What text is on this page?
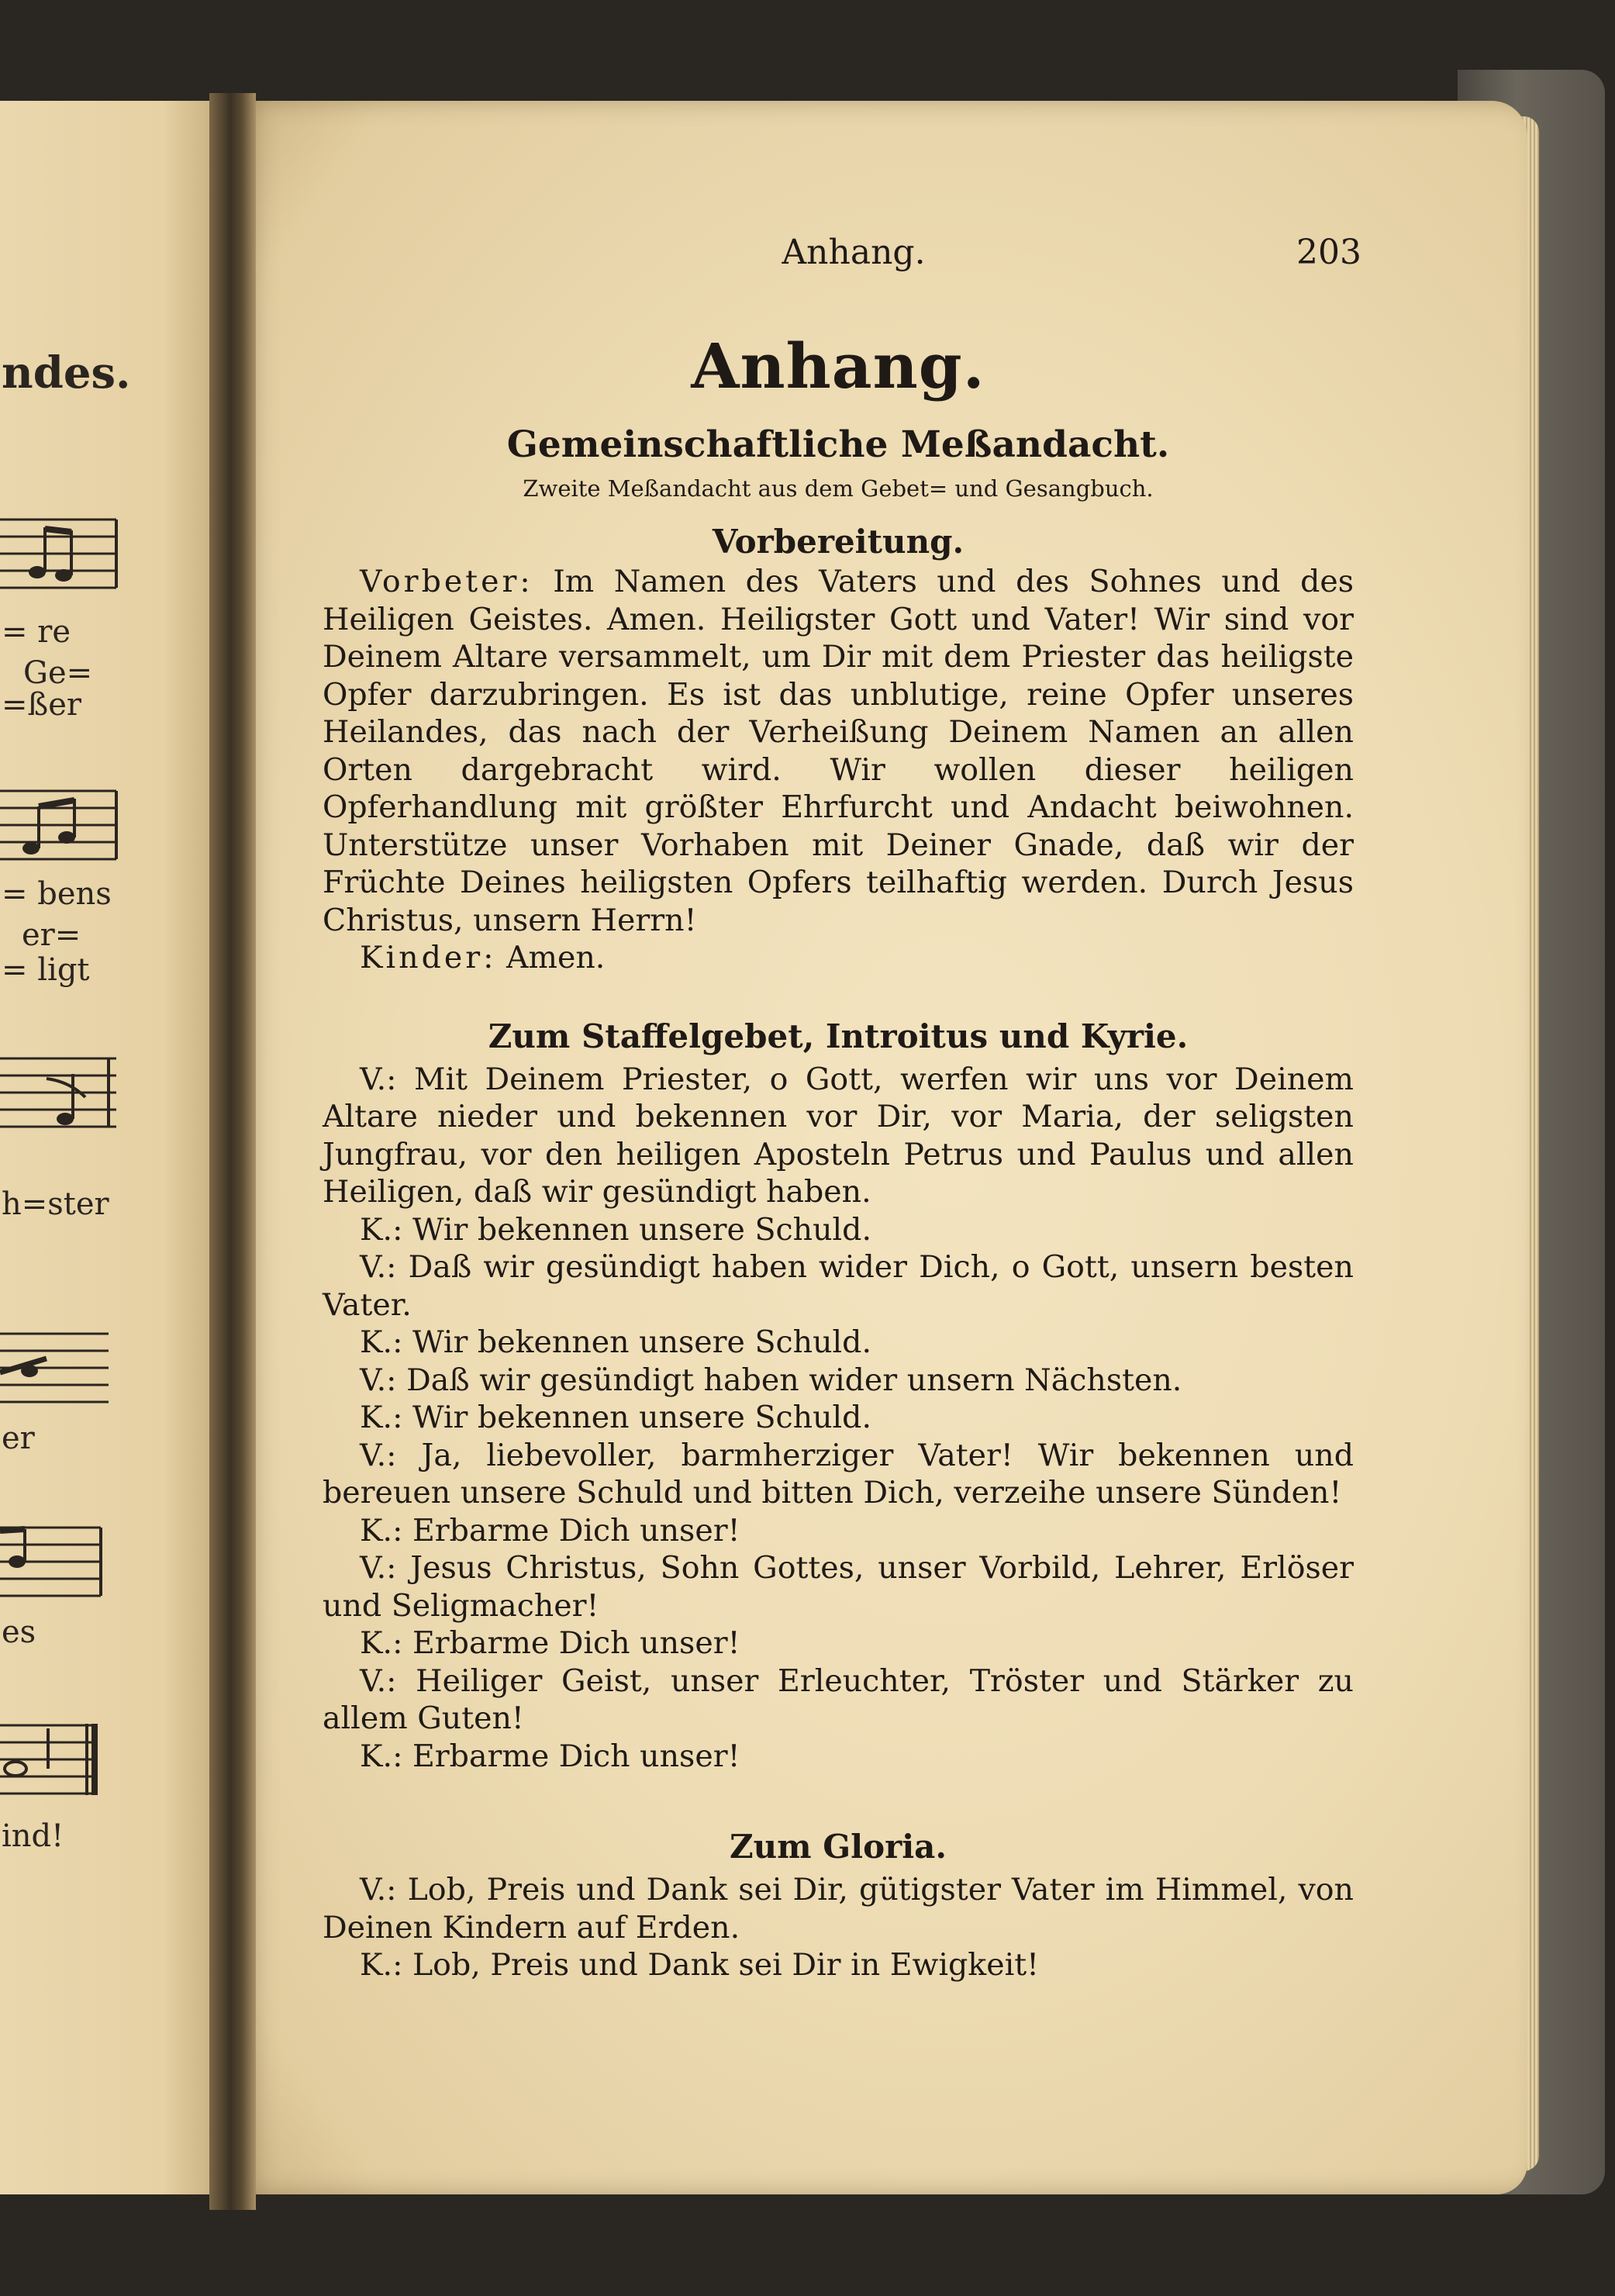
ndes.
= re
Ge=
=ßer
= bens
er=
= ligt
h=ster
er
es
ind!
Anhang.	203
Anhang.
Gemeinschaftliche Meßandacht.
Zweite Meßandacht aus dem Gebet= und Gesangbuch.
Vorbereitung.

Vorbeter: Im Namen des Vaters und des Sohnes und des Heiligen Geistes. Amen. Heiligster Gott und Vater! Wir sind vor Deinem Altare versammelt, um Dir mit dem Priester das heiligste Opfer darzubringen. Es ist das unblutige, reine Opfer unseres Heilandes, das nach der Verheißung Deinem Namen an allen Orten dargebracht wird. Wir wollen dieser heiligen Opferhandlung mit größter Ehrfurcht und Andacht beiwohnen. Unterstütze unser Vorhaben mit Deiner Gnade, daß wir der Früchte Deines heiligsten Opfers teilhaftig werden. Durch Jesus Christus, unsern Herrn!

Kinder: Amen.

Zum Staffelgebet, Introitus und Kyrie.

V.: Mit Deinem Priester, o Gott, werfen wir uns vor Deinem Altare nieder und bekennen vor Dir, vor Maria, der seligsten Jungfrau, vor den heiligen Aposteln Petrus und Paulus und allen Heiligen, daß wir gesündigt haben.

K.: Wir bekennen unsere Schuld.

V.: Daß wir gesündigt haben wider Dich, o Gott, unsern besten Vater.

K.: Wir bekennen unsere Schuld.

V.: Daß wir gesündigt haben wider unsern Nächsten.

K.: Wir bekennen unsere Schuld.

V.: Ja, liebevoller, barmherziger Vater! Wir bekennen und bereuen unsere Schuld und bitten Dich, verzeihe unsere Sünden!

K.: Erbarme Dich unser!

V.: Jesus Christus, Sohn Gottes, unser Vorbild, Lehrer, Erlöser und Seligmacher!

K.: Erbarme Dich unser!

V.: Heiliger Geist, unser Erleuchter, Tröster und Stärker zu allem Guten!

K.: Erbarme Dich unser!

Zum Gloria.

V.: Lob, Preis und Dank sei Dir, gütigster Vater im Himmel, von Deinen Kindern auf Erden.

K.: Lob, Preis und Dank sei Dir in Ewigkeit!
